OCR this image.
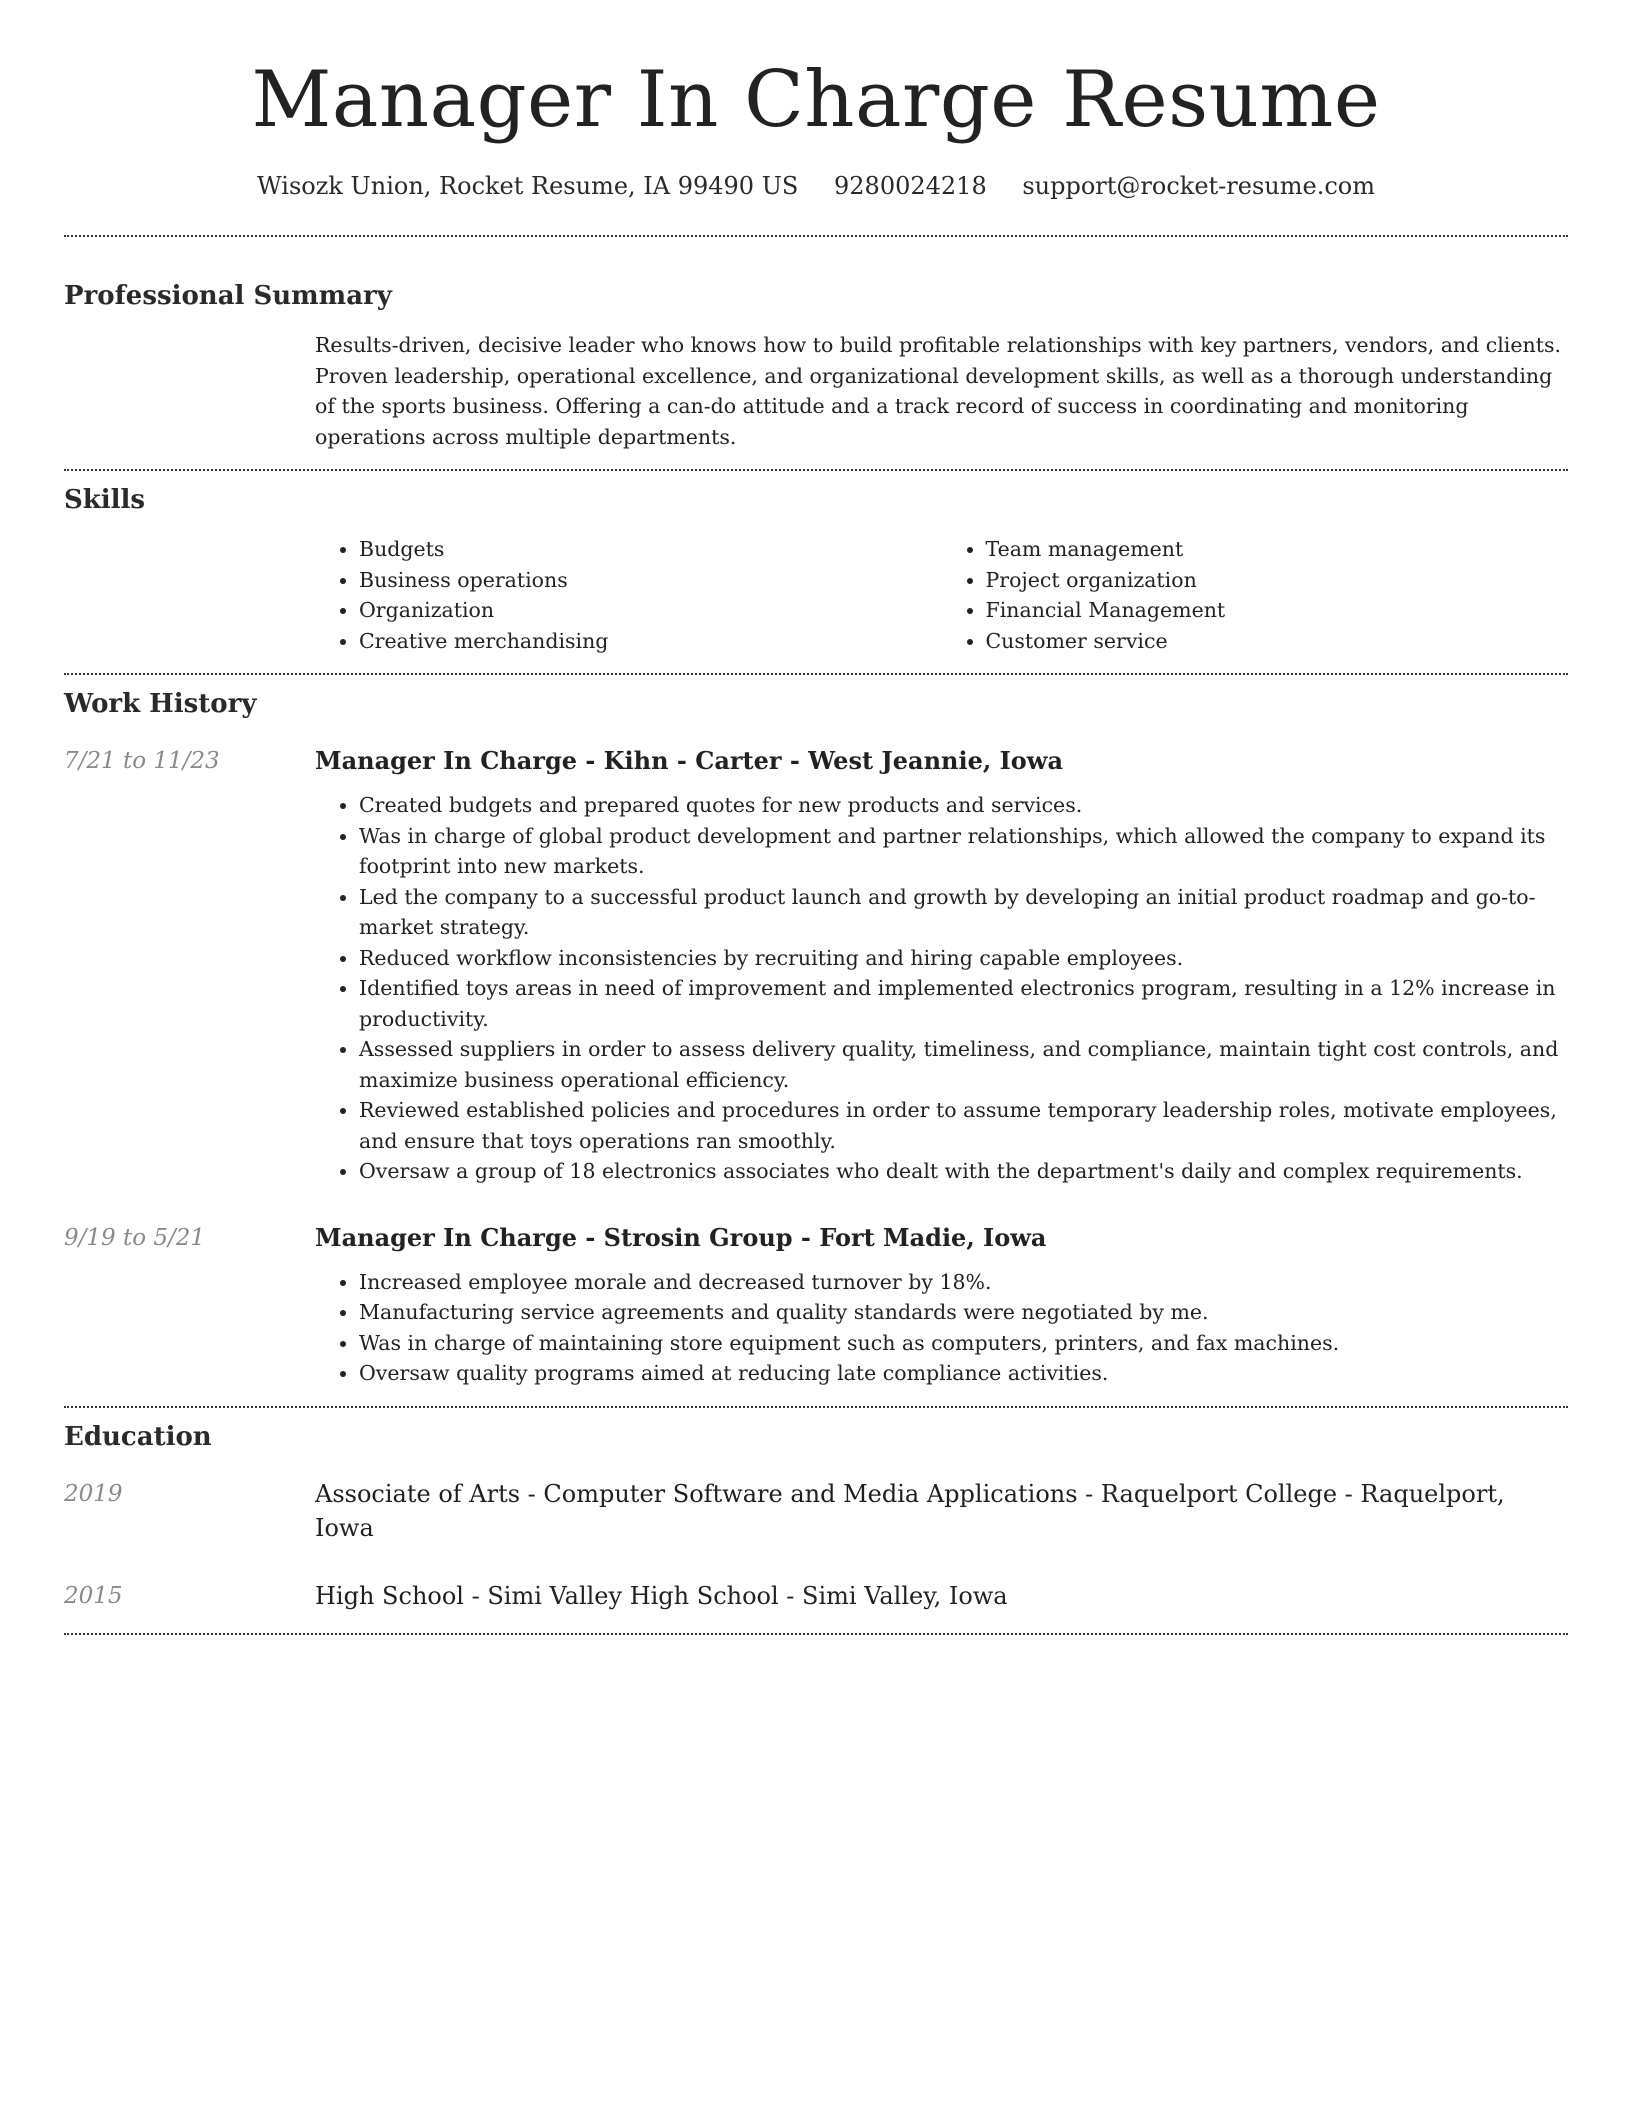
Manager In Charge Resume
Wisozk Union, Rocket Resume, IA 99490 US 9280024218 support@rocket-resume.com
Professional Summary

Results-driven, decisive leader who knows how to build profitable relationships with key partners, vendors, and clients. Proven leadership, operational excellence, and organizational development skills, as well as a thorough understanding of the sports business. Offering a can-do attitude and a track record of success in coordinating and monitoring operations across multiple departments.

Skills
• Budgets
• Business operations
• Organization
• Creative merchandising
• Team management
• Project organization
• Financial Management
• Customer service
Work History
7/21 to 11/23	Manager In Charge - Kihn - Carter - West Jeannie, Iowa
• Created budgets and prepared quotes for new products and services.
• Was in charge of global product development and partner relationships, which allowed the company to expand its footprint into new markets.
• Led the company to a successful product launch and growth by developing an initial product roadmap and go-to-market strategy.
• Reduced workflow inconsistencies by recruiting and hiring capable employees.
• Identified toys areas in need of improvement and implemented electronics program, resulting in a 12% increase in productivity.
• Assessed suppliers in order to assess delivery quality, timeliness, and compliance, maintain tight cost controls, and maximize business operational efficiency.
• Reviewed established policies and procedures in order to assume temporary leadership roles, motivate employees, and ensure that toys operations ran smoothly.
• Oversaw a group of 18 electronics associates who dealt with the department's daily and complex requirements.
9/19 to 5/21	Manager In Charge - Strosin Group - Fort Madie, Iowa
• Increased employee morale and decreased turnover by 18%.
• Manufacturing service agreements and quality standards were negotiated by me.
• Was in charge of maintaining store equipment such as computers, printers, and fax machines.
• Oversaw quality programs aimed at reducing late compliance activities.
Education
2019	Associate of Arts - Computer Software and Media Applications - Raquelport College - Raquelport, Iowa

2015	High School - Simi Valley High School - Simi Valley, Iowa
